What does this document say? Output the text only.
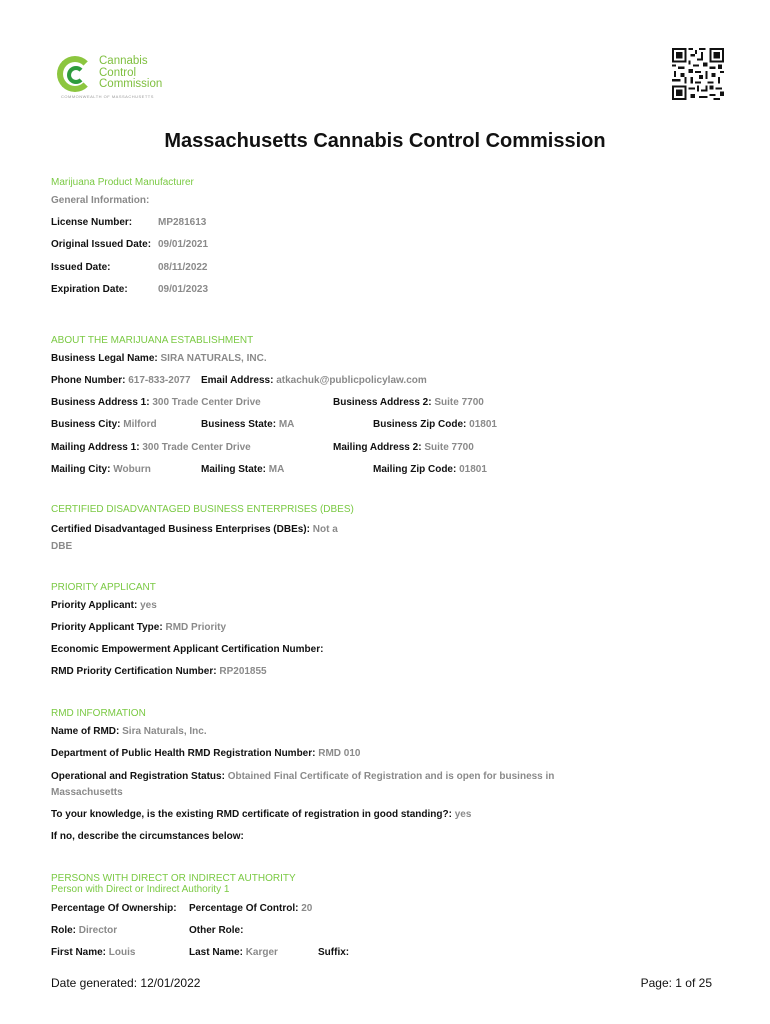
Cannabis
Control
Commission
COMMONWEALTH OF MASSACHUSETTS
Massachusetts Cannabis Control Commission
Marijuana Product Manufacturer
General Information:
License Number:	MP281613
Original Issued Date: 09/01/2021
Issued Date:	08/11/2022
Expiration Date:	09/01/2023
ABOUT THE MARIJUANA ESTABLISHMENT
Business Legal Name: SIRA NATURALS, INC.
Phone Number: 617-833-2077 Email Address: atkachuk@publicpolicylaw.com
Business Address 1: 300 Trade Center Drive	Business Address 2: Suite 7700
Business City: Milford	Business State: MA	Business Zip Code: 01801
Mailing Address 1: 300 Trade Center Drive	Mailing Address 2: Suite 7700
Mailing City: Woburn	Mailing State: MA	Mailing Zip Code: 01801
CERTIFIED DISADVANTAGED BUSINESS ENTERPRISES (DBES)
Certified Disadvantaged Business Enterprises (DBEs): Not a
DBE
PRIORITY APPLICANT
Priority Applicant: yes
Priority Applicant Type: RMD Priority
Economic Empowerment Applicant Certification Number:
RMD Priority Certification Number: RP201855
RMD INFORMATION
Name of RMD: Sira Naturals, Inc.
Department of Public Health RMD Registration Number: RMD 010
Operational and Registration Status: Obtained Final Certificate of Registration and is open for business in
Massachusetts
To your knowledge, is the existing RMD certificate of registration in good standing?: yes
If no, describe the circumstances below:
PERSONS WITH DIRECT OR INDIRECT AUTHORITY
Person with Direct or Indirect Authority 1
Percentage Of Ownership: Percentage Of Control: 20
Role: Director	Other Role:
First Name: Louis	Last Name: Karger	Suffix:
Date generated: 12/01/2022	Page: 1 of 25
